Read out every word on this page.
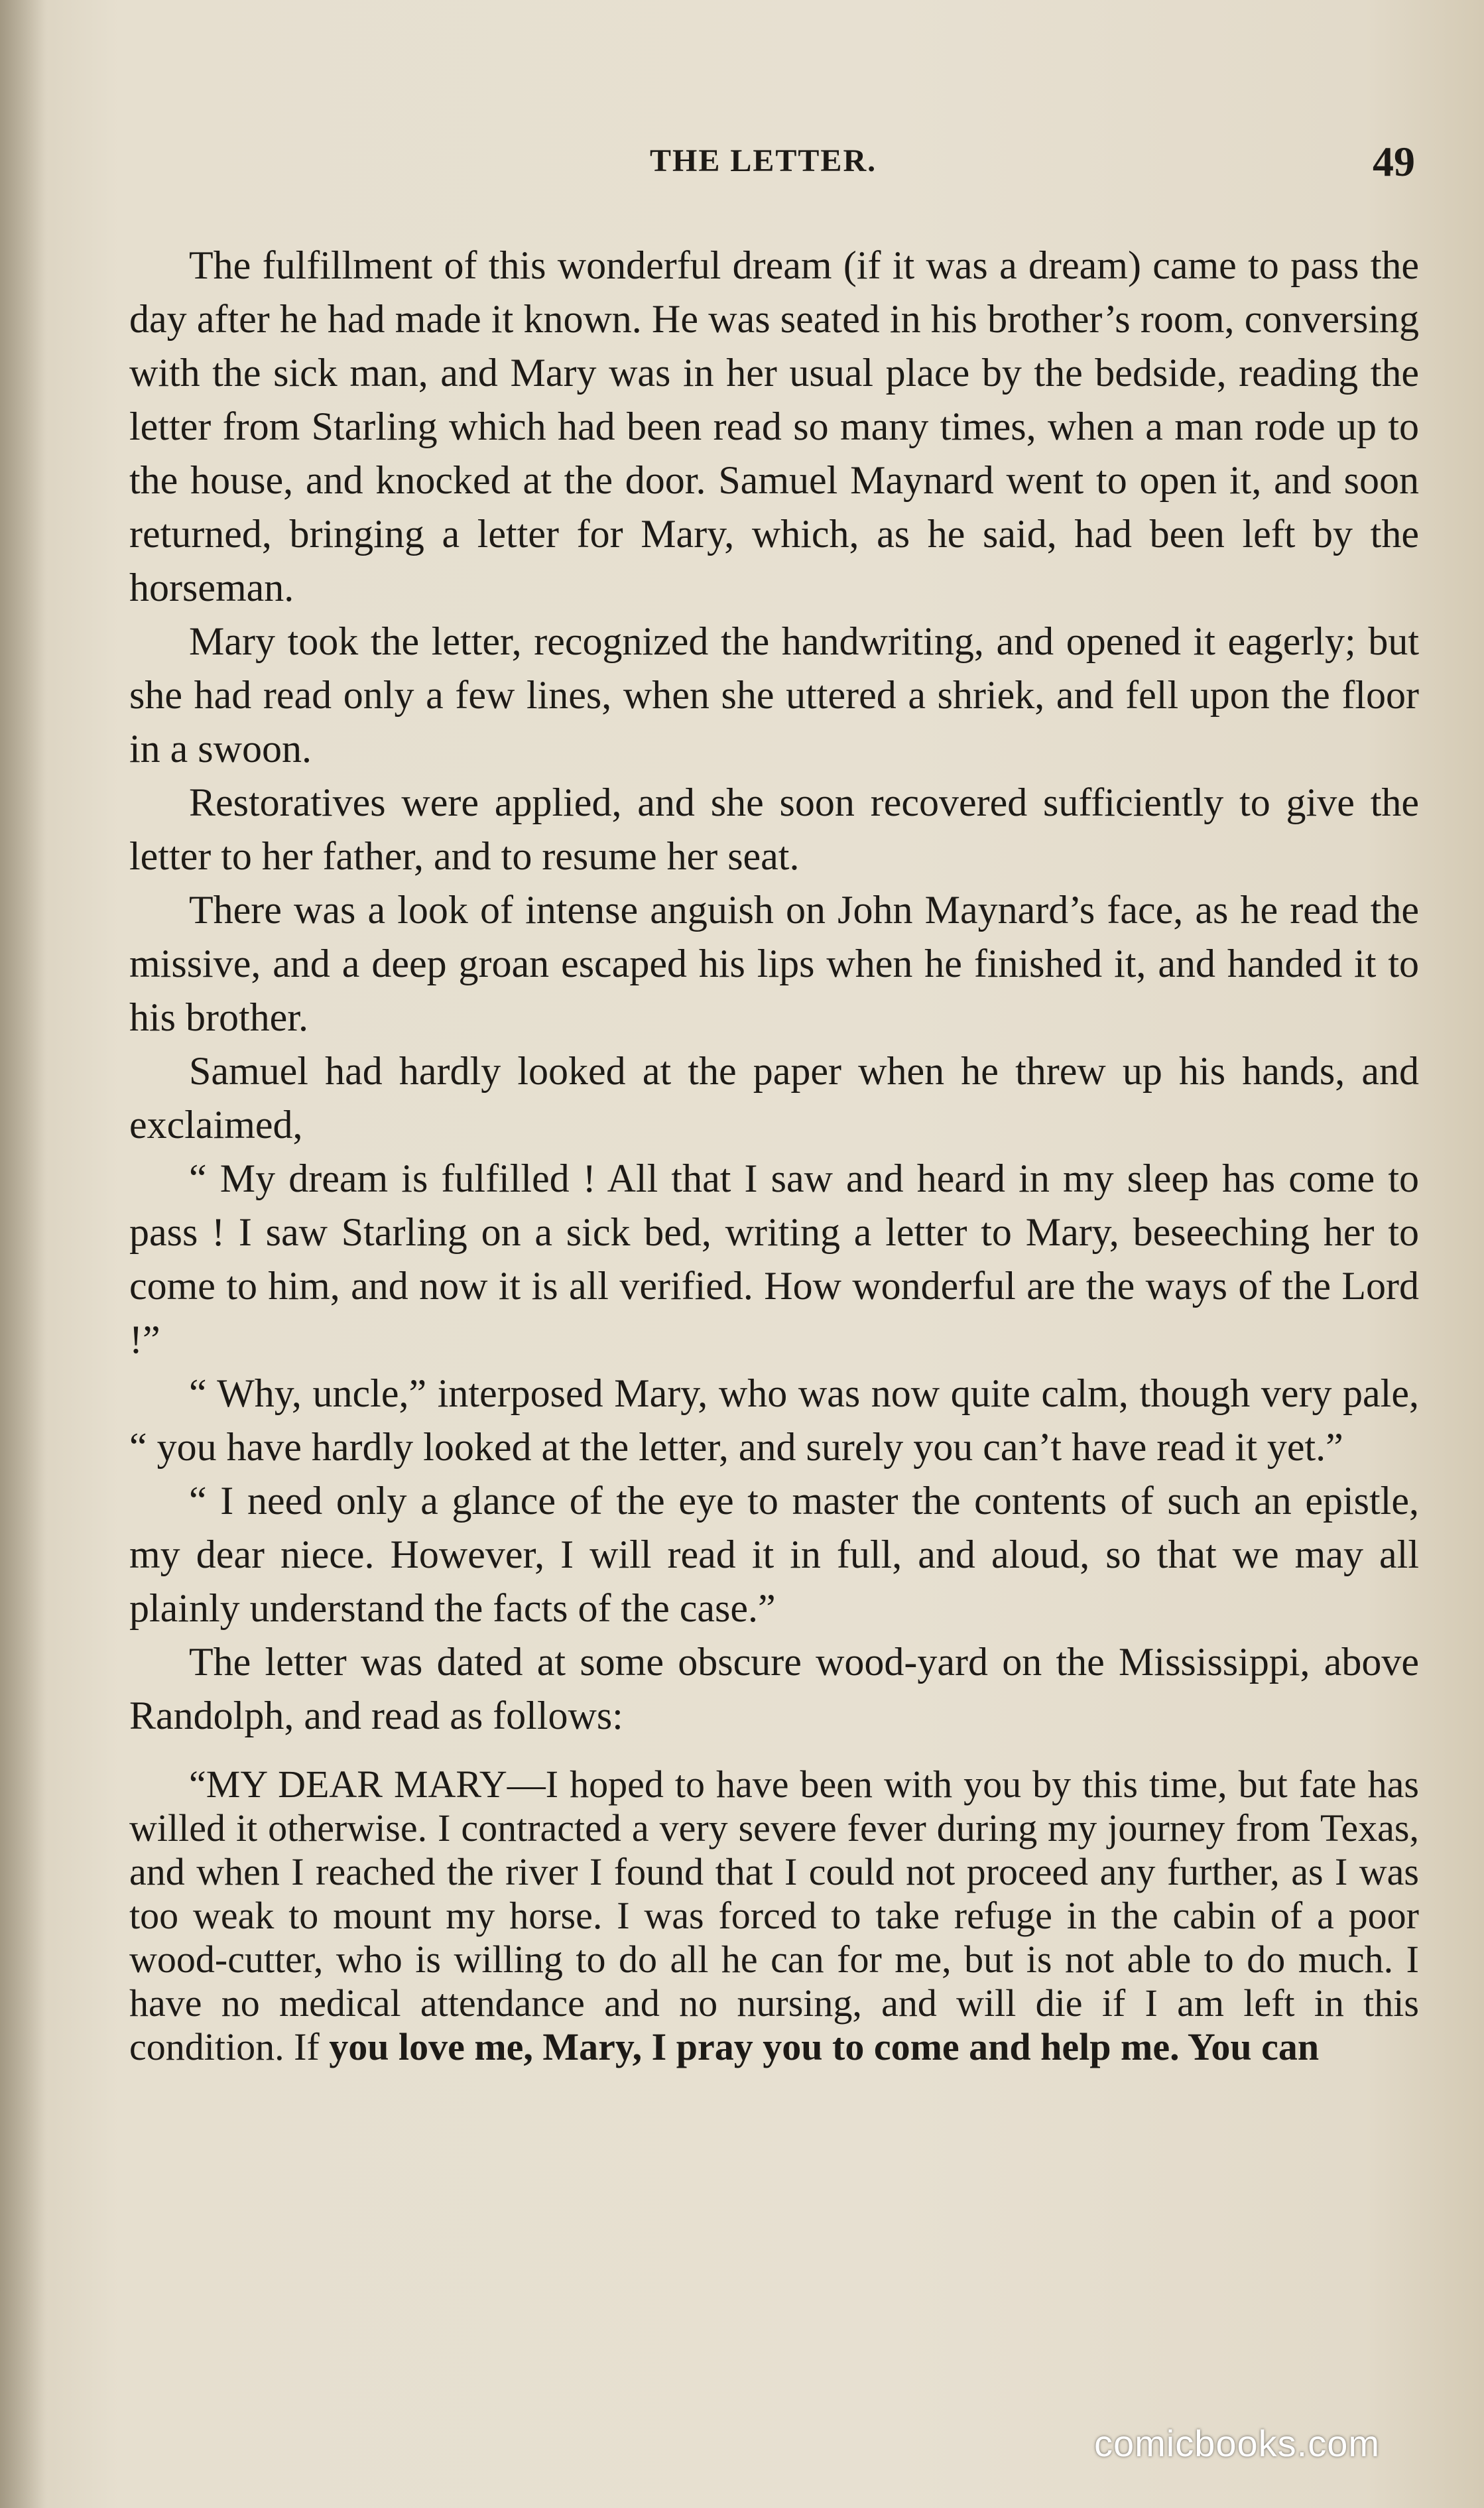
THE LETTER.	49

The fulfillment of this wonderful dream (if it was a dream) came to pass the day after he had made it known. He was seated in his brother’s room, conversing with the sick man, and Mary was in her usual place by the bedside, reading the letter from Starling which had been read so many times, when a man rode up to the house, and knocked at the door. Samuel Maynard went to open it, and soon returned, bringing a letter for Mary, which, as he said, had been left by the horseman.

Mary took the letter, recognized the handwriting, and opened it eagerly; but she had read only a few lines, when she uttered a shriek, and fell upon the floor in a swoon.

Restoratives were applied, and she soon recovered sufficiently to give the letter to her father, and to resume her seat.

There was a look of intense anguish on John Maynard’s face, as he read the missive, and a deep groan escaped his lips when he finished it, and handed it to his brother.

Samuel had hardly looked at the paper when he threw up his hands, and exclaimed,

“ My dream is fulfilled ! All that I saw and heard in my sleep has come to pass ! I saw Starling on a sick bed, writing a letter to Mary, beseeching her to come to him, and now it is all verified. How wonderful are the ways of the Lord !”

“ Why, uncle,” interposed Mary, who was now quite calm, though very pale, “ you have hardly looked at the letter, and surely you can’t have read it yet.”

“ I need only a glance of the eye to master the contents of such an epistle, my dear niece. However, I will read it in full, and aloud, so that we may all plainly understand the facts of the case.”

The letter was dated at some obscure wood-yard on the Mississippi, above Randolph, and read as follows:

“MY DEAR MARY—I hoped to have been with you by this time, but fate has willed it otherwise. I contracted a very severe fever during my journey from Texas, and when I reached the river I found that I could not proceed any further, as I was too weak to mount my horse. I was forced to take refuge in the cabin of a poor wood-cutter, who is willing to do all he can for me, but is not able to do much. I have no medical attendance and no nursing, and will die if I am left in this condition. If you love me, Mary, I pray you to come and help me. You can

comicbooks.com
